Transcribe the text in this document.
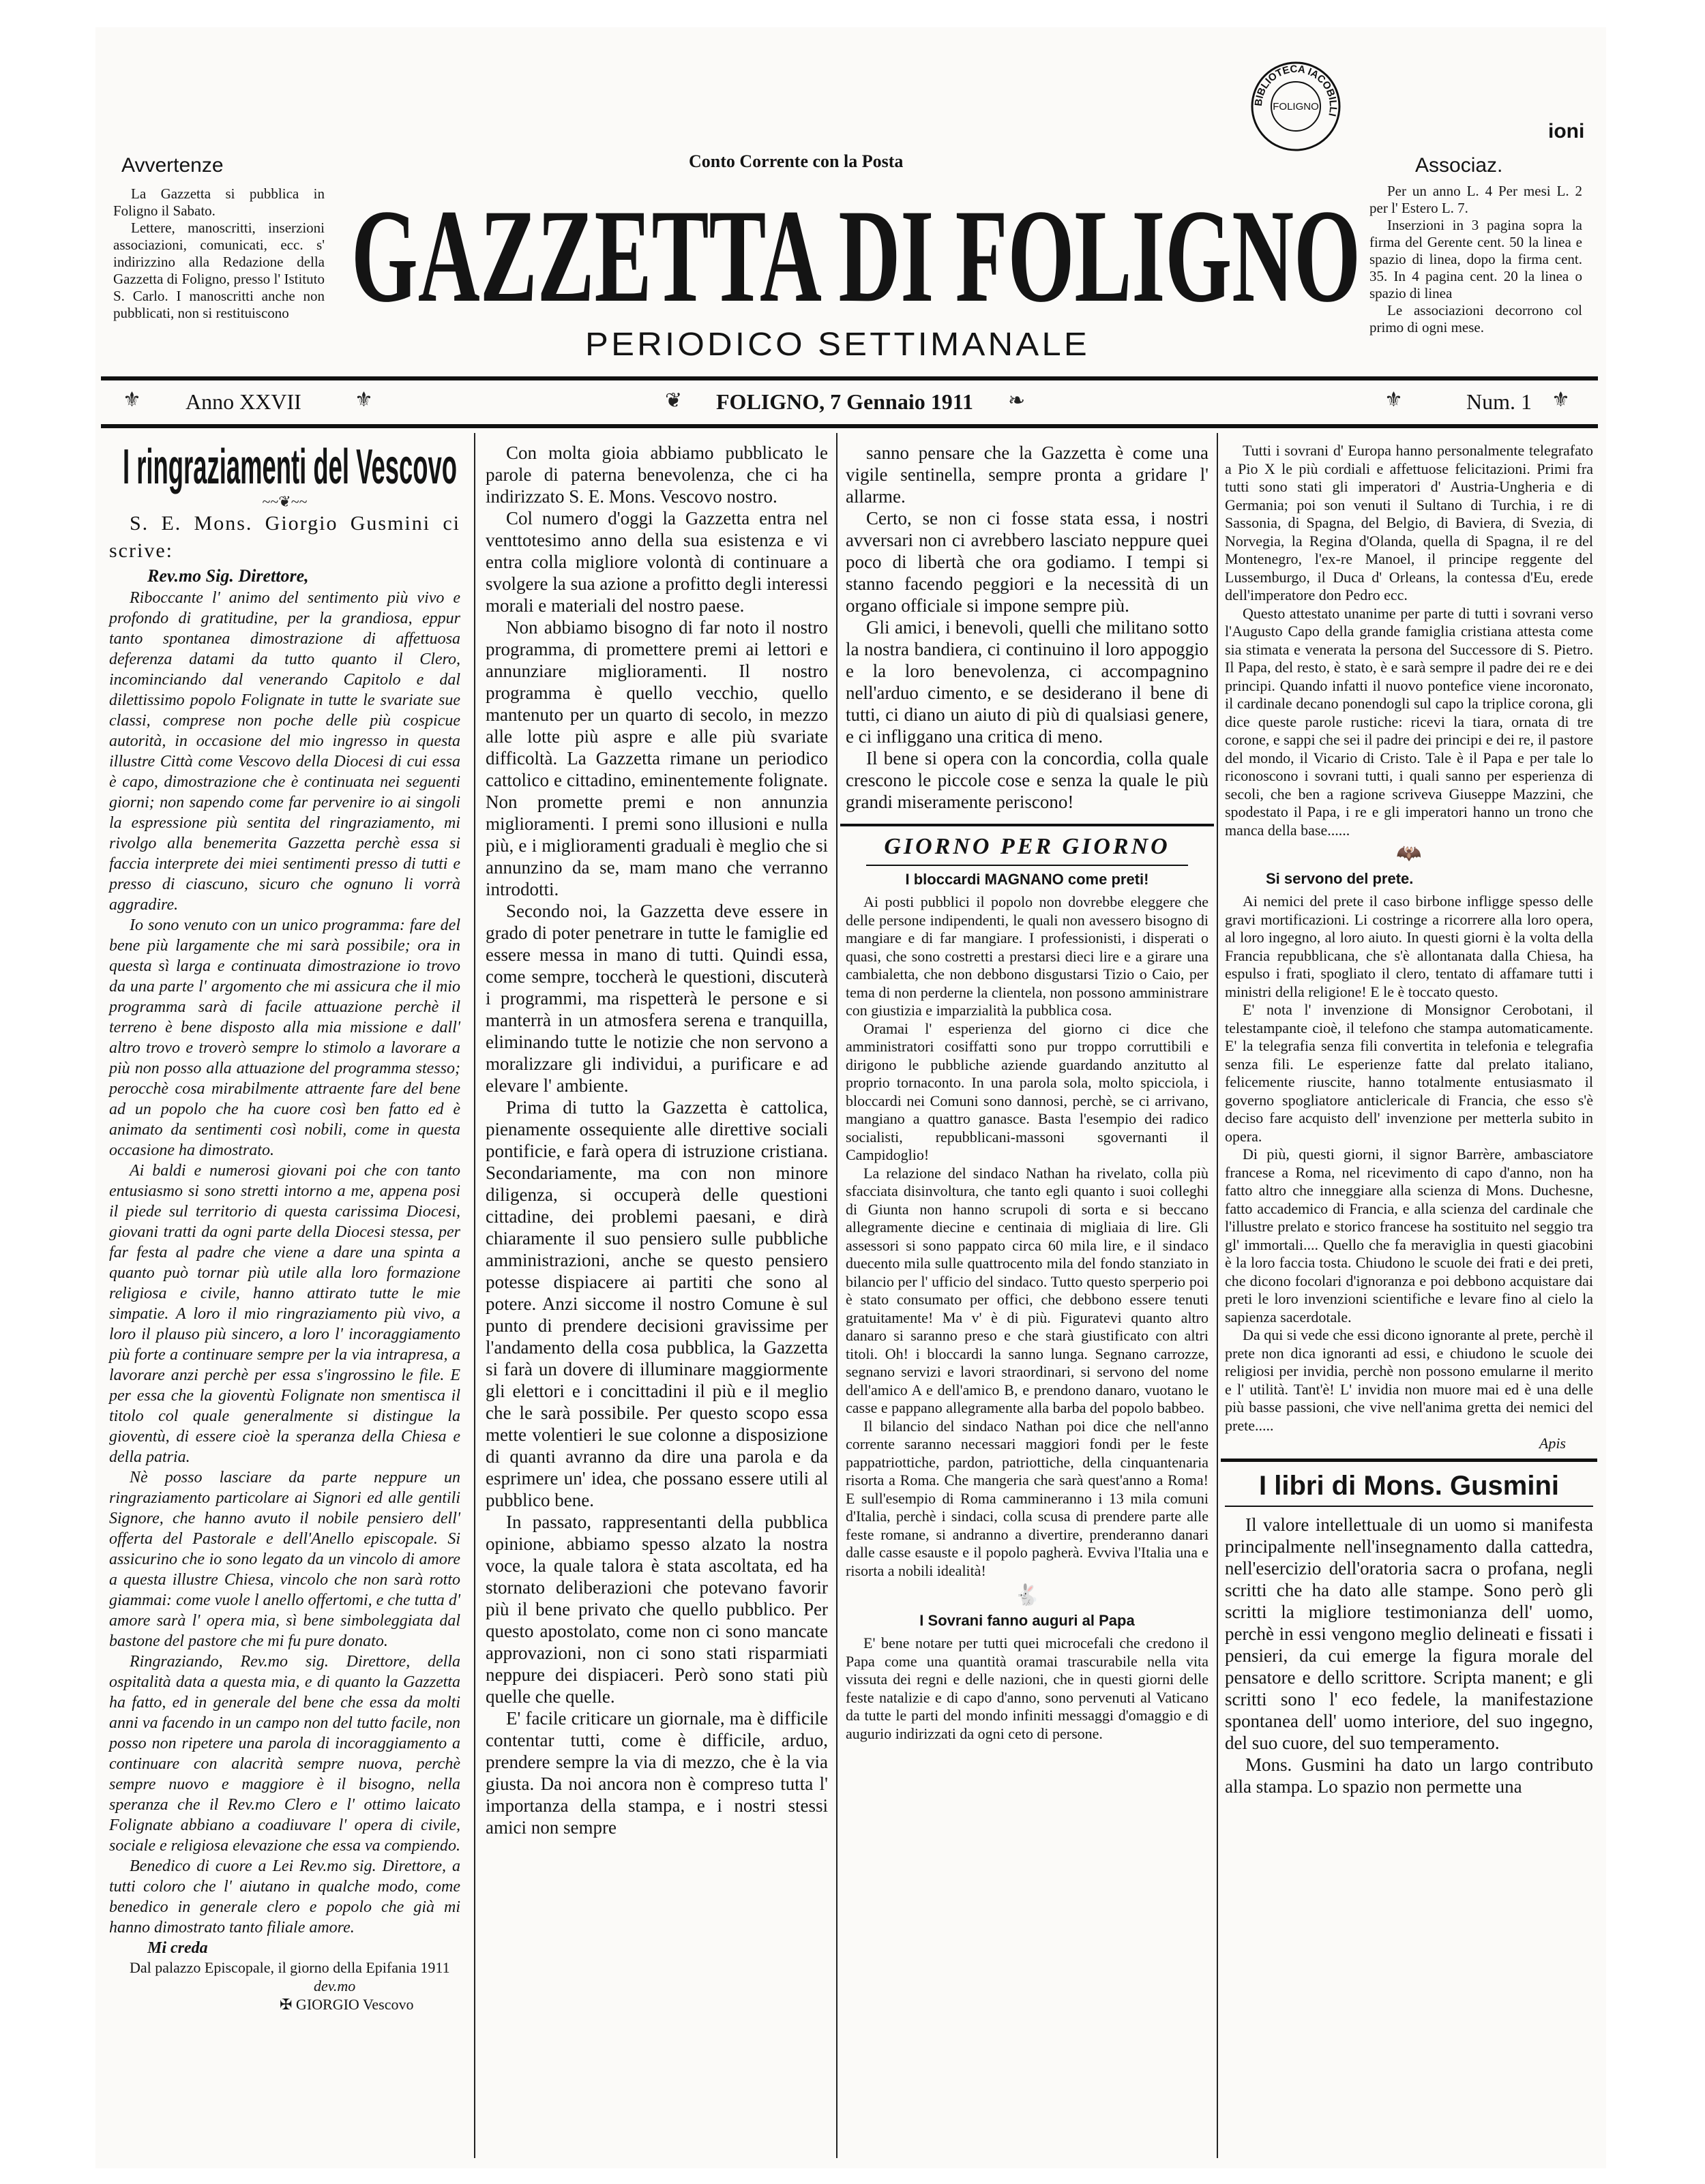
BIBLIOTECA IACOBILLI
FOLIGNO
Avvertenze

La Gazzetta si pubblica in Foligno il Sabato.

Lettere, manoscritti, inserzioni associazioni, comunicati, ecc. s' indirizzino alla Redazione della Gazzetta di Foligno, presso l' Istituto S. Carlo. I manoscritti anche non pubblicati, non si restituiscono

Conto Corrente con la Posta
GAZZETTA DI FOLIGNO
PERIODICO SETTIMANALE
Associaz.
ioni

Per un anno L. 4 Per mesi L. 2 per l' Estero L. 7.

Inserzioni in 3 pagina sopra la firma del Gerente cent. 50 la linea e spazio di linea, dopo la firma cent. 35. In 4 pagina cent. 20 la linea o spazio di linea

Le associazioni decorrono col primo di ogni mese.

⚜	⚜
Anno XXVII	❦ FOLIGNO, 7 Gennaio 1911 ❧	⚜	Num. 1 ⚜
I ringraziamenti del Vescovo
~~❦~~
S. E. Mons. Giorgio Gusmini ci scrive:
Rev.mo Sig. Direttore,

Riboccante l' animo del sentimento più vivo e profondo di gratitudine, per la grandiosa, eppur tanto spontanea dimostrazione di affettuosa deferenza datami da tutto quanto il Clero, incominciando dal venerando Capitolo e dal dilettissimo popolo Folignate in tutte le svariate sue classi, comprese non poche delle più cospicue autorità, in occasione del mio ingresso in questa illustre Città come Vescovo della Diocesi di cui essa è capo, dimostrazione che è continuata nei seguenti giorni; non sapendo come far pervenire io ai singoli la espressione più sentita del ringraziamento, mi rivolgo alla benemerita Gazzetta perchè essa si faccia interprete dei miei sentimenti presso di tutti e presso di ciascuno, sicuro che ognuno li vorrà aggradire.

Io sono venuto con un unico programma: fare del bene più largamente che mi sarà possibile; ora in questa sì larga e continuata dimostrazione io trovo da una parte l' argomento che mi assicura che il mio programma sarà di facile attuazione perchè il terreno è bene disposto alla mia missione e dall' altro trovo e troverò sempre lo stimolo a lavorare a più non posso alla attuazione del programma stesso; perocchè cosa mirabilmente attraente fare del bene ad un popolo che ha cuore così ben fatto ed è animato da sentimenti così nobili, come in questa occasione ha dimostrato.

Ai baldi e numerosi giovani poi che con tanto entusiasmo si sono stretti intorno a me, appena posi il piede sul territorio di questa carissima Diocesi, giovani tratti da ogni parte della Diocesi stessa, per far festa al padre che viene a dare una spinta a quanto può tornar più utile alla loro formazione religiosa e civile, hanno attirato tutte le mie simpatie. A loro il mio ringraziamento più vivo, a loro il plauso più sincero, a loro l' incoraggiamento più forte a continuare sempre per la via intrapresa, a lavorare anzi perchè per essa s'ingrossino le file. E per essa che la gioventù Folignate non smentisca il titolo col quale generalmente si distingue la gioventù, di essere cioè la speranza della Chiesa e della patria.

Nè posso lasciare da parte neppure un ringraziamento particolare ai Signori ed alle gentili Signore, che hanno avuto il nobile pensiero dell' offerta del Pastorale e dell'Anello episcopale. Si assicurino che io sono legato da un vincolo di amore a questa illustre Chiesa, vincolo che non sarà rotto giammai: come vuole l anello offertomi, e che tutta d' amore sarà l' opera mia, sì bene simboleggiata dal bastone del pastore che mi fu pure donato.

Ringraziando, Rev.mo sig. Direttore, della ospitalità data a questa mia, e di quanto la Gazzetta ha fatto, ed in generale del bene che essa da molti anni va facendo in un campo non del tutto facile, non posso non ripetere una parola di incoraggiamento a continuare con alacrità sempre nuova, perchè sempre nuovo e maggiore è il bisogno, nella speranza che il Rev.mo Clero e l' ottimo laicato Folignate abbiano a coadiuvare l' opera di civile, sociale e religiosa elevazione che essa va compiendo.

Benedico di cuore a Lei Rev.mo sig. Direttore, a tutti coloro che l' aiutano in qualche modo, come benedico in generale clero e popolo che già mi hanno dimostrato tanto filiale amore.

Mi creda

Dal palazzo Episcopale, il giorno della Epifania 1911

dev.mo
✠ GIORGIO Vescovo

Con molta gioia abbiamo pubblicato le parole di paterna benevolenza, che ci ha indirizzato S. E. Mons. Vescovo nostro.

Col numero d'oggi la Gazzetta entra nel venttotesimo anno della sua esistenza e vi entra colla migliore volontà di continuare a svolgere la sua azione a profitto degli interessi morali e materiali del nostro paese.

Non abbiamo bisogno di far noto il nostro programma, di promettere premi ai lettori e annunziare miglioramenti. Il nostro programma è quello vecchio, quello mantenuto per un quarto di secolo, in mezzo alle lotte più aspre e alle più svariate difficoltà. La Gazzetta rimane un periodico cattolico e cittadino, eminentemente folignate. Non promette premi e non annunzia miglioramenti. I premi sono illusioni e nulla più, e i miglioramenti graduali è meglio che si annunzino da se, mam mano che verranno introdotti.

Secondo noi, la Gazzetta deve essere in grado di poter penetrare in tutte le famiglie ed essere messa in mano di tutti. Quindi essa, come sempre, toccherà le questioni, discuterà i programmi, ma rispetterà le persone e si manterrà in un atmosfera serena e tranquilla, eliminando tutte le notizie che non servono a moralizzare gli individui, a purificare e ad elevare l' ambiente.

Prima di tutto la Gazzetta è cattolica, pienamente ossequiente alle direttive sociali pontificie, e farà opera di istruzione cristiana. Secondariamente, ma con non minore diligenza, si occuperà delle questioni cittadine, dei problemi paesani, e dirà chiaramente il suo pensiero sulle pubbliche amministrazioni, anche se questo pensiero potesse dispiacere ai partiti che sono al potere. Anzi siccome il nostro Comune è sul punto di prendere decisioni gravissime per l'andamento della cosa pubblica, la Gazzetta si farà un dovere di illuminare maggiormente gli elettori e i concittadini il più e il meglio che le sarà possibile. Per questo scopo essa mette volentieri le sue colonne a disposizione di quanti avranno da dire una parola e da esprimere un' idea, che possano essere utili al pubblico bene.

In passato, rappresentanti della pubblica opinione, abbiamo spesso alzato la nostra voce, la quale talora è stata ascoltata, ed ha stornato deliberazioni che potevano favorir più il bene privato che quello pubblico. Per questo apostolato, come non ci sono mancate approvazioni, non ci sono stati risparmiati neppure dei dispiaceri. Però sono stati più quelle che quelle.

E' facile criticare un giornale, ma è difficile contentar tutti, come è difficile, arduo, prendere sempre la via di mezzo, che è la via giusta. Da noi ancora non è compreso tutta l' importanza della stampa, e i nostri stessi amici non sempre

sanno pensare che la Gazzetta è come una vigile sentinella, sempre pronta a gridare l' allarme.

Certo, se non ci fosse stata essa, i nostri avversari non ci avrebbero lasciato neppure quei poco di libertà che ora godiamo. I tempi si stanno facendo peggiori e la necessità di un organo officiale si impone sempre più.

Gli amici, i benevoli, quelli che militano sotto la nostra bandiera, ci continuino il loro appoggio e la loro benevolenza, ci accompagnino nell'arduo cimento, e se desiderano il bene di tutti, ci diano un aiuto di più di qualsiasi genere, e ci infliggano una critica di meno.

Il bene si opera con la concordia, colla quale crescono le piccole cose e senza la quale le più grandi miseramente periscono!

GIORNO PER GIORNO
I bloccardi MAGNANO come preti!

Ai posti pubblici il popolo non dovrebbe eleggere che delle persone indipendenti, le quali non avessero bisogno di mangiare e di far mangiare. I professionisti, i disperati o quasi, che sono costretti a prestarsi dieci lire e a girare una cambialetta, che non debbono disgustarsi Tizio o Caio, per tema di non perderne la clientela, non possono amministrare con giustizia e imparzialità la pubblica cosa.

Oramai l' esperienza del giorno ci dice che amministratori cosiffatti sono pur troppo corruttibili e dirigono le pubbliche aziende guardando anzitutto al proprio tornaconto. In una parola sola, molto spicciola, i bloccardi nei Comuni sono dannosi, perchè, se ci arrivano, mangiano a quattro ganasce. Basta l'esempio dei radico socialisti, repubblicani-massoni sgovernanti il Campidoglio!

La relazione del sindaco Nathan ha rivelato, colla più sfacciata disinvoltura, che tanto egli quanto i suoi colleghi di Giunta non hanno scrupoli di sorta e si beccano allegramente diecine e centinaia di migliaia di lire. Gli assessori si sono pappato circa 60 mila lire, e il sindaco duecento mila sulle quattrocento mila del fondo stanziato in bilancio per l' ufficio del sindaco. Tutto questo sperperio poi è stato consumato per offici, che debbono essere tenuti gratuitamente! Ma v' è di più. Figuratevi quanto altro danaro si saranno preso e che starà giustificato con altri titoli. Oh! i bloccardi la sanno lunga. Segnano carrozze, segnano servizi e lavori straordinari, si servono del nome dell'amico A e dell'amico B, e prendono danaro, vuotano le casse e pappano allegramente alla barba del popolo babbeo.

Il bilancio del sindaco Nathan poi dice che nell'anno corrente saranno necessari maggiori fondi per le feste pappatriottiche, pardon, patriottiche, della cinquantenaria risorta a Roma. Che mangeria che sarà quest'anno a Roma! E sull'esempio di Roma cammineranno i 13 mila comuni d'Italia, perchè i sindaci, colla scusa di prendere parte alle feste romane, si andranno a divertire, prenderanno danari dalle casse esauste e il popolo pagherà. Evviva l'Italia una e risorta a nobili idealità!

🐇
I Sovrani fanno auguri al Papa

E' bene notare per tutti quei microcefali che credono il Papa come una quantità oramai trascurabile nella vita vissuta dei regni e delle nazioni, che in questi giorni delle feste natalizie e di capo d'anno, sono pervenuti al Vaticano da tutte le parti del mondo infiniti messaggi d'omaggio e di augurio indirizzati da ogni ceto di persone.

Tutti i sovrani d' Europa hanno personalmente telegrafato a Pio X le più cordiali e affettuose felicitazioni. Primi fra tutti sono stati gli imperatori d' Austria-Ungheria e di Germania; poi son venuti il Sultano di Turchia, i re di Sassonia, di Spagna, del Belgio, di Baviera, di Svezia, di Norvegia, la Regina d'Olanda, quella di Spagna, il re del Montenegro, l'ex-re Manoel, il principe reggente del Lussemburgo, il Duca d' Orleans, la contessa d'Eu, erede dell'imperatore don Pedro ecc.

Questo attestato unanime per parte di tutti i sovrani verso l'Augusto Capo della grande famiglia cristiana attesta come sia stimata e venerata la persona del Successore di S. Pietro. Il Papa, del resto, è stato, è e sarà sempre il padre dei re e dei principi. Quando infatti il nuovo pontefice viene incoronato, il cardinale decano ponendogli sul capo la triplice corona, gli dice queste parole rustiche: ricevi la tiara, ornata di tre corone, e sappi che sei il padre dei principi e dei re, il pastore del mondo, il Vicario di Cristo. Tale è il Papa e per tale lo riconoscono i sovrani tutti, i quali sanno per esperienza di secoli, che ben a ragione scriveva Giuseppe Mazzini, che spodestato il Papa, i re e gli imperatori hanno un trono che manca della base......

🦇
Si servono del prete.

Ai nemici del prete il caso birbone infligge spesso delle gravi mortificazioni. Li costringe a ricorrere alla loro opera, al loro ingegno, al loro aiuto. In questi giorni è la volta della Francia repubblicana, che s'è allontanata dalla Chiesa, ha espulso i frati, spogliato il clero, tentato di affamare tutti i ministri della religione! E le è toccato questo.

E' nota l' invenzione di Monsignor Cerobotani, il telestampante cioè, il telefono che stampa automaticamente. E' la telegrafia senza fili convertita in telefonia e telegrafia senza fili. Le esperienze fatte dal prelato italiano, felicemente riuscite, hanno totalmente entusiasmato il governo spogliatore anticlericale di Francia, che esso s'è deciso fare acquisto dell' invenzione per metterla subito in opera.

Di più, questi giorni, il signor Barrère, ambasciatore francese a Roma, nel ricevimento di capo d'anno, non ha fatto altro che inneggiare alla scienza di Mons. Duchesne, fatto accademico di Francia, e alla scienza del cardinale che l'illustre prelato e storico francese ha sostituito nel seggio tra gl' immortali.... Quello che fa meraviglia in questi giacobini è la loro faccia tosta. Chiudono le scuole dei frati e dei preti, che dicono focolari d'ignoranza e poi debbono acquistare dai preti le loro invenzioni scientifiche e levare fino al cielo la sapienza sacerdotale.

Da qui si vede che essi dicono ignorante al prete, perchè il prete non dica ignoranti ad essi, e chiudono le scuole dei religiosi per invidia, perchè non possono emularne il merito e l' utilità. Tant'è! L' invidia non muore mai ed è una delle più basse passioni, che vive nell'anima gretta dei nemici del prete.....

Apis
I libri di Mons. Gusmini

Il valore intellettuale di un uomo si manifesta principalmente nell'insegnamento dalla cattedra, nell'esercizio dell'oratoria sacra o profana, negli scritti che ha dato alle stampe. Sono però gli scritti la migliore testimonianza dell' uomo, perchè in essi vengono meglio delineati e fissati i pensieri, da cui emerge la figura morale del pensatore e dello scrittore. Scripta manent; e gli scritti sono l' eco fedele, la manifestazione spontanea dell' uomo interiore, del suo ingegno, del suo cuore, del suo temperamento.

Mons. Gusmini ha dato un largo contributo alla stampa. Lo spazio non permette una
